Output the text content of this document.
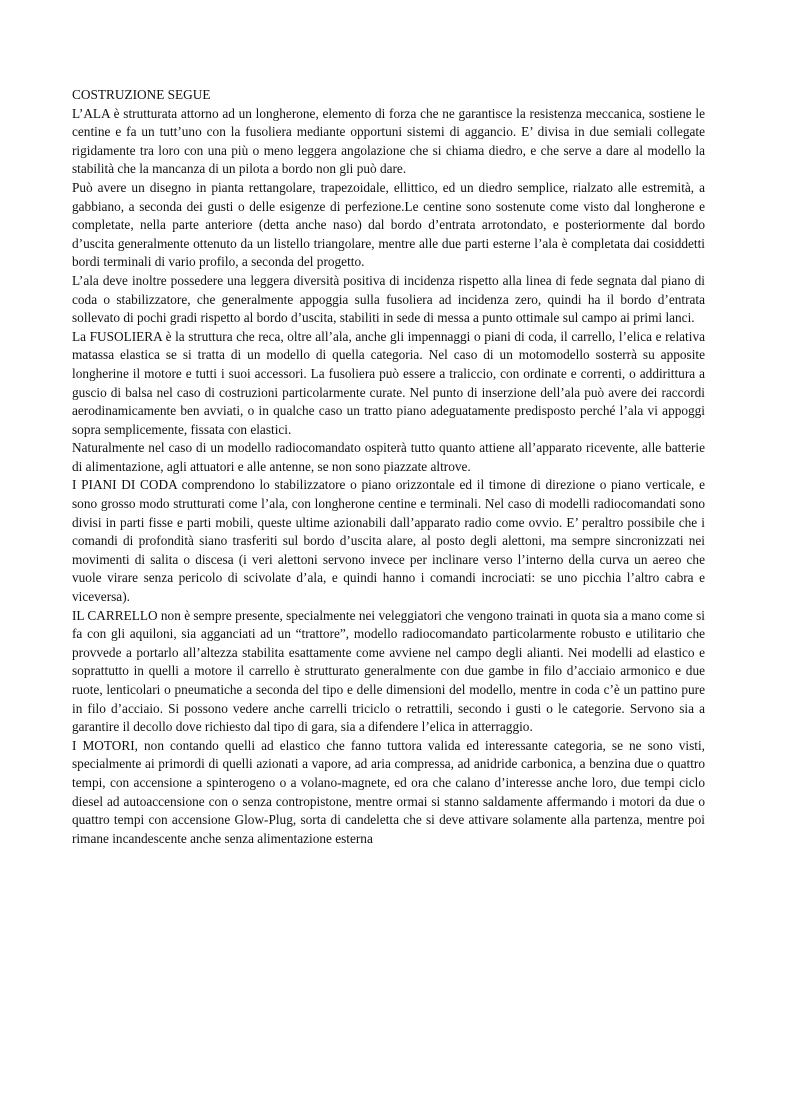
COSTRUZIONE SEGUE

L’ALA è strutturata attorno ad un longherone, elemento di forza che ne garantisce la resistenza meccanica, sostiene le centine e fa un tutt’uno con la fusoliera mediante opportuni sistemi di aggancio. E’ divisa in due semiali collegate rigidamente tra loro con una più o meno leggera angolazione che si chiama diedro, e che serve a dare al modello la stabilità che la mancanza di un pilota a bordo non gli può dare.

Può avere un disegno in pianta rettangolare, trapezoidale, ellittico, ed un diedro semplice, rialzato alle estremità, a gabbiano, a seconda dei gusti o delle esigenze di perfezione.Le centine sono sostenute come visto dal longherone e completate, nella parte anteriore (detta anche naso) dal bordo d’entrata arrotondato, e posteriormente dal bordo d’uscita generalmente ottenuto da un listello triangolare, mentre alle due parti esterne l’ala è completata dai cosiddetti bordi terminali di vario profilo, a seconda del progetto.

L’ala deve inoltre possedere una leggera diversità positiva di incidenza rispetto alla linea di fede segnata dal piano di coda o stabilizzatore, che generalmente appoggia sulla fusoliera ad incidenza zero, quindi ha il bordo d’entrata sollevato di pochi gradi rispetto al bordo d’uscita, stabiliti in sede di messa a punto ottimale sul campo ai primi lanci.

La FUSOLIERA è la struttura che reca, oltre all’ala, anche gli impennaggi o piani di coda, il carrello, l’elica e relativa matassa elastica se si tratta di un modello di quella categoria. Nel caso di un motomodello sosterrà su apposite longherine il motore e tutti i suoi accessori. La fusoliera può essere a traliccio, con ordinate e correnti, o addirittura a guscio di balsa nel caso di costruzioni particolarmente curate. Nel punto di inserzione dell’ala può avere dei raccordi aerodinamicamente ben avviati, o in qualche caso un tratto piano adeguatamente predisposto perché l’ala vi appoggi sopra semplicemente, fissata con elastici.

Naturalmente nel caso di un modello radiocomandato ospiterà tutto quanto attiene all’apparato ricevente, alle batterie di alimentazione, agli attuatori e alle antenne, se non sono piazzate altrove.

I PIANI DI CODA comprendono lo stabilizzatore o piano orizzontale ed il timone di direzione o piano verticale, e sono grosso modo strutturati come l’ala, con longherone centine e terminali. Nel caso di modelli radiocomandati sono divisi in parti fisse e parti mobili, queste ultime azionabili dall’apparato radio come ovvio. E’ peraltro possibile che i comandi di profondità siano trasferiti sul bordo d’uscita alare, al posto degli alettoni, ma sempre sincronizzati nei movimenti di salita o discesa (i veri alettoni servono invece per inclinare verso l’interno della curva un aereo che vuole virare senza pericolo di scivolate d’ala, e quindi hanno i comandi incrociati: se uno picchia l’altro cabra e viceversa).

IL CARRELLO non è sempre presente, specialmente nei veleggiatori che vengono trainati in quota sia a mano come si fa con gli aquiloni, sia agganciati ad un “trattore”, modello radiocomandato particolarmente robusto e utilitario che provvede a portarlo all’altezza stabilita esattamente come avviene nel campo degli alianti. Nei modelli ad elastico e soprattutto in quelli a motore il carrello è strutturato generalmente con due gambe in filo d’acciaio armonico e due ruote, lenticolari o pneumatiche a seconda del tipo e delle dimensioni del modello, mentre in coda c’è un pattino pure in filo d’acciaio. Si possono vedere anche carrelli triciclo o retrattili, secondo i gusti o le categorie. Servono sia a garantire il decollo dove richiesto dal tipo di gara, sia a difendere l’elica in atterraggio.

I MOTORI, non contando quelli ad elastico che fanno tuttora valida ed interessante categoria, se ne sono visti, specialmente ai primordi di quelli azionati a vapore, ad aria compressa, ad anidride carbonica, a benzina due o quattro tempi, con accensione a spinterogeno o a volano-magnete, ed ora che calano d’interesse anche loro, due tempi ciclo diesel ad autoaccensione con o senza contropistone, mentre ormai si stanno saldamente affermando i motori da due o quattro tempi con accensione Glow-Plug, sorta di candeletta che si deve attivare solamente alla partenza, mentre poi rimane incandescente anche senza alimentazione esterna
